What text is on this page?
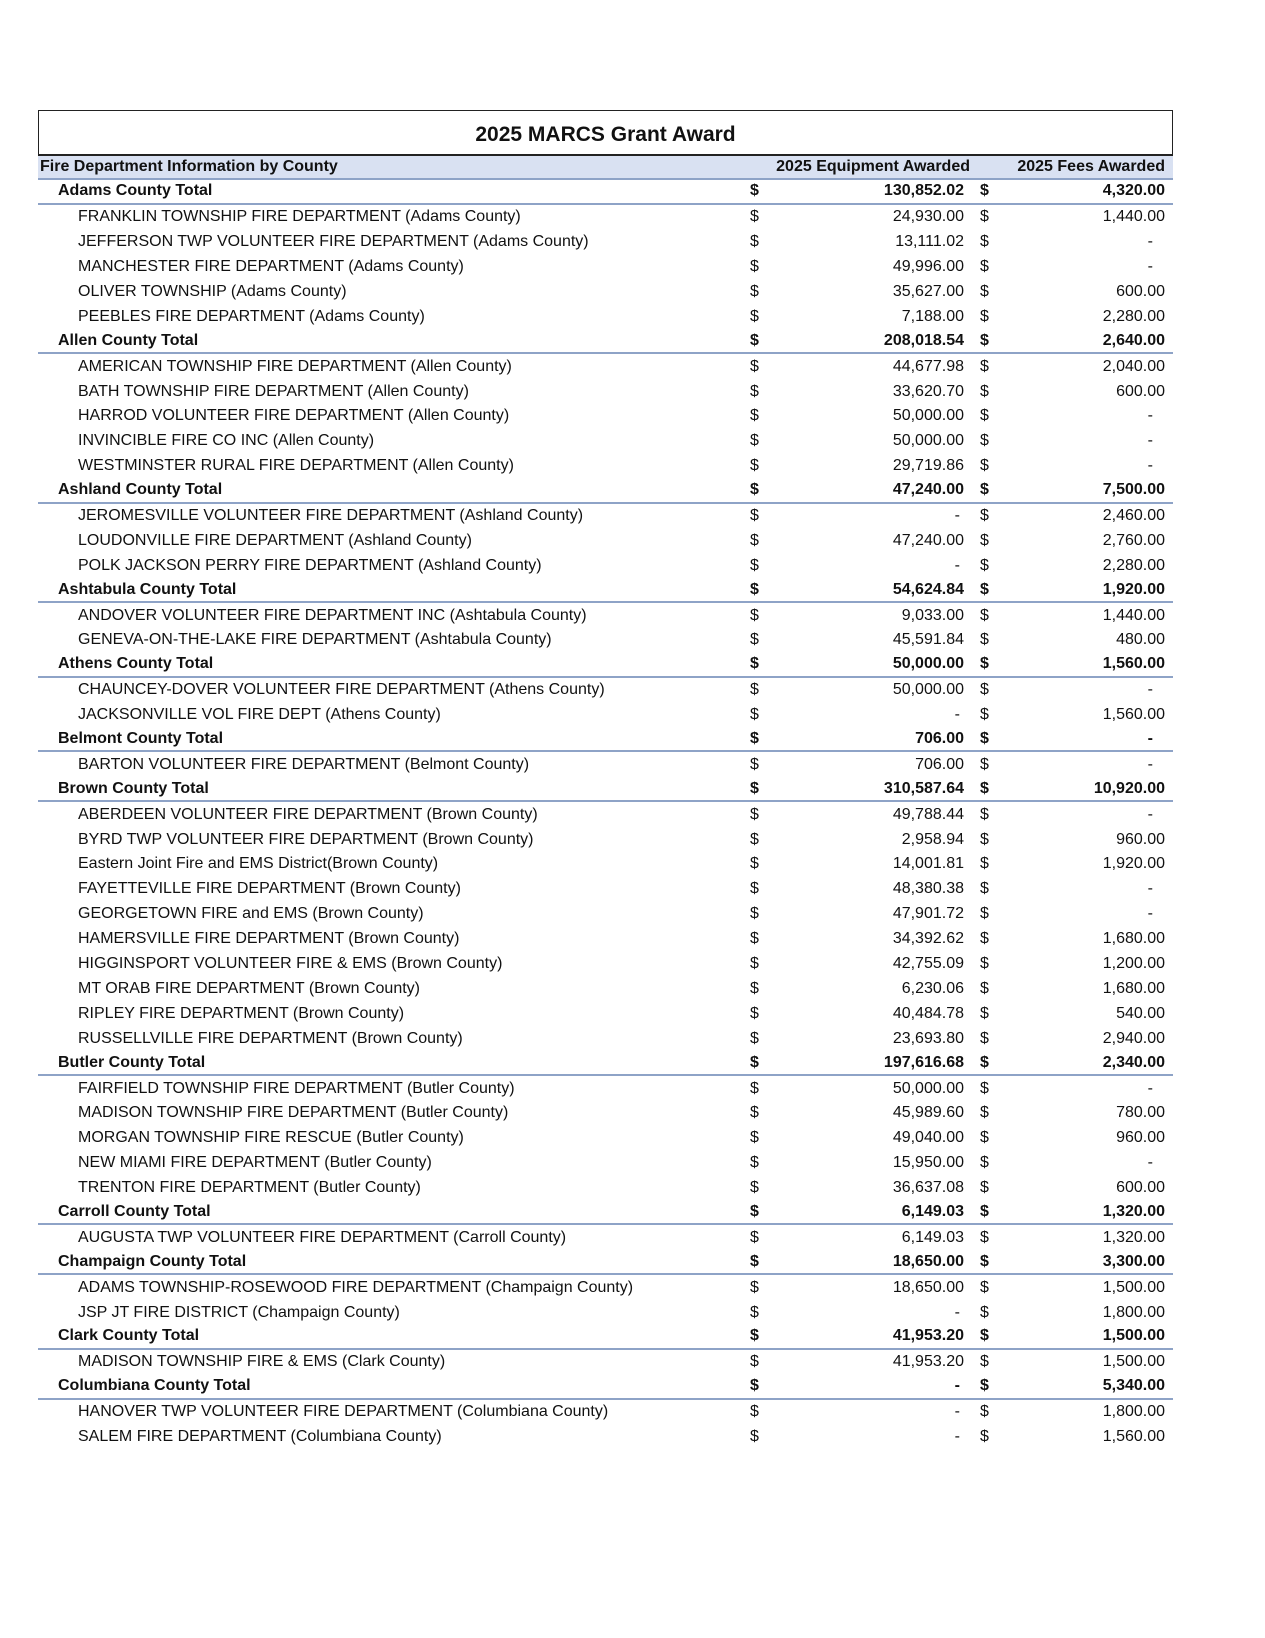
2025 MARCS Grant Award
Fire Department Information by County	2025 Equipment Awarded	2025 Fees Awarded
Adams County Total	$	130,852.02	$	4,320.00
FRANKLIN TOWNSHIP FIRE DEPARTMENT (Adams County)	$	24,930.00	$	1,440.00
JEFFERSON TWP VOLUNTEER FIRE DEPARTMENT (Adams County)	$	13,111.02	$	-
MANCHESTER FIRE DEPARTMENT (Adams County)	$	49,996.00	$	-
OLIVER TOWNSHIP (Adams County)	$	35,627.00	$	600.00
PEEBLES FIRE DEPARTMENT (Adams County)	$	7,188.00	$	2,280.00
Allen County Total	$	208,018.54	$	2,640.00
AMERICAN TOWNSHIP FIRE DEPARTMENT (Allen County)	$	44,677.98	$	2,040.00
BATH TOWNSHIP FIRE DEPARTMENT (Allen County)	$	33,620.70	$	600.00
HARROD VOLUNTEER FIRE DEPARTMENT (Allen County)	$	50,000.00	$	-
INVINCIBLE FIRE CO INC (Allen County)	$	50,000.00	$	-
WESTMINSTER RURAL FIRE DEPARTMENT (Allen County)	$	29,719.86	$	-
Ashland County Total	$	47,240.00	$	7,500.00
JEROMESVILLE VOLUNTEER FIRE DEPARTMENT (Ashland County)	$	-	$	2,460.00
LOUDONVILLE FIRE DEPARTMENT (Ashland County)	$	47,240.00	$	2,760.00
POLK JACKSON PERRY FIRE DEPARTMENT (Ashland County)	$	-	$	2,280.00
Ashtabula County Total	$	54,624.84	$	1,920.00
ANDOVER VOLUNTEER FIRE DEPARTMENT INC (Ashtabula County)	$	9,033.00	$	1,440.00
GENEVA-ON-THE-LAKE FIRE DEPARTMENT (Ashtabula County)	$	45,591.84	$	480.00
Athens County Total	$	50,000.00	$	1,560.00
CHAUNCEY-DOVER VOLUNTEER FIRE DEPARTMENT (Athens County)	$	50,000.00	$	-
JACKSONVILLE VOL FIRE DEPT (Athens County)	$	-	$	1,560.00
Belmont County Total	$	706.00	$	-
BARTON VOLUNTEER FIRE DEPARTMENT (Belmont County)	$	706.00	$	-
Brown County Total	$	310,587.64	$	10,920.00
ABERDEEN VOLUNTEER FIRE DEPARTMENT (Brown County)	$	49,788.44	$	-
BYRD TWP VOLUNTEER FIRE DEPARTMENT (Brown County)	$	2,958.94	$	960.00
Eastern Joint Fire and EMS District(Brown County)	$	14,001.81	$	1,920.00
FAYETTEVILLE FIRE DEPARTMENT (Brown County)	$	48,380.38	$	-
GEORGETOWN FIRE and EMS (Brown County)	$	47,901.72	$	-
HAMERSVILLE FIRE DEPARTMENT (Brown County)	$	34,392.62	$	1,680.00
HIGGINSPORT VOLUNTEER FIRE & EMS (Brown County)	$	42,755.09	$	1,200.00
MT ORAB FIRE DEPARTMENT (Brown County)	$	6,230.06	$	1,680.00
RIPLEY FIRE DEPARTMENT (Brown County)	$	40,484.78	$	540.00
RUSSELLVILLE FIRE DEPARTMENT (Brown County)	$	23,693.80	$	2,940.00
Butler County Total	$	197,616.68	$	2,340.00
FAIRFIELD TOWNSHIP FIRE DEPARTMENT (Butler County)	$	50,000.00	$	-
MADISON TOWNSHIP FIRE DEPARTMENT (Butler County)	$	45,989.60	$	780.00
MORGAN TOWNSHIP FIRE RESCUE (Butler County)	$	49,040.00	$	960.00
NEW MIAMI FIRE DEPARTMENT (Butler County)	$	15,950.00	$	-
TRENTON FIRE DEPARTMENT (Butler County)	$	36,637.08	$	600.00
Carroll County Total	$	6,149.03	$	1,320.00
AUGUSTA TWP VOLUNTEER FIRE DEPARTMENT (Carroll County)	$	6,149.03	$	1,320.00
Champaign County Total	$	18,650.00	$	3,300.00
ADAMS TOWNSHIP-ROSEWOOD FIRE DEPARTMENT (Champaign County)	$	18,650.00	$	1,500.00
JSP JT FIRE DISTRICT (Champaign County)	$	-	$	1,800.00
Clark County Total	$	41,953.20	$	1,500.00
MADISON TOWNSHIP FIRE & EMS (Clark County)	$	41,953.20	$	1,500.00
Columbiana County Total	$	-	$	5,340.00
HANOVER TWP VOLUNTEER FIRE DEPARTMENT (Columbiana County)	$	-	$	1,800.00
SALEM FIRE DEPARTMENT (Columbiana County)	$	-	$	1,560.00
